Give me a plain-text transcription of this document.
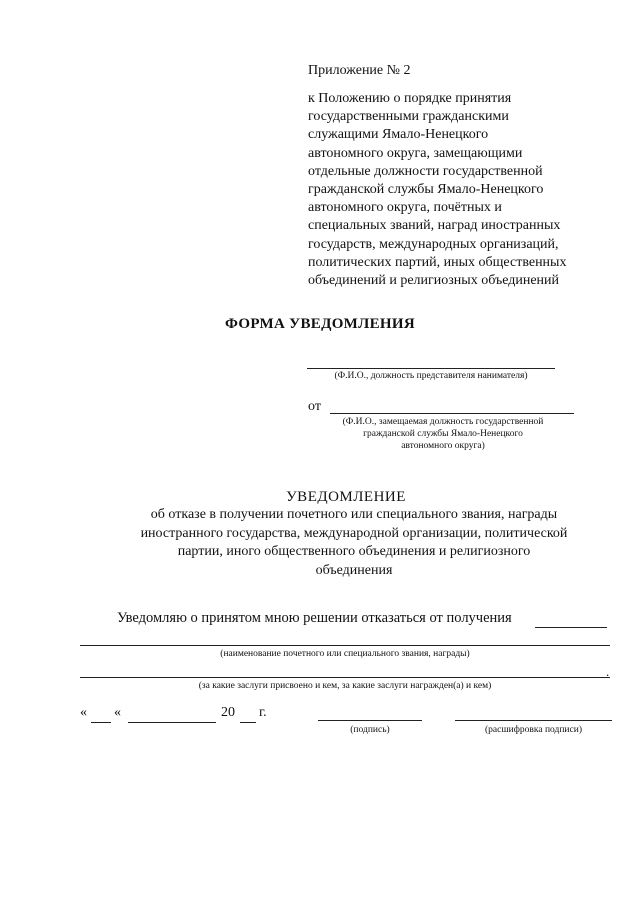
Приложение № 2
к Положению о порядке принятия
государственными гражданскими
служащими Ямало-Ненецкого
автономного округа, замещающими
отдельные должности государственной
гражданской службы Ямало-Ненецкого
автономного округа, почётных и
специальных званий, наград иностранных
государств, международных организаций,
политических партий, иных общественных
объединений и религиозных объединений
ФОРМА УВЕДОМЛЕНИЯ
(Ф.И.О., должность представителя нанимателя)
от
(Ф.И.О., замещаемая должность государственной
гражданской службы Ямало-Ненецкого
автономного округа)
УВЕДОМЛЕНИЕ
об отказе в получении почетного или специального звания, награды
иностранного государства, международной организации, политической
партии, иного общественного объединения и религиозного
объединения
Уведомляю о принятом мною решении отказаться от получения
(наименование почетного или специального звания, награды)
.
(за какие заслуги присвоено и кем, за какие заслуги награжден(а) и кем)
« «	20 г.
(подпись)	(расшифровка подписи)
